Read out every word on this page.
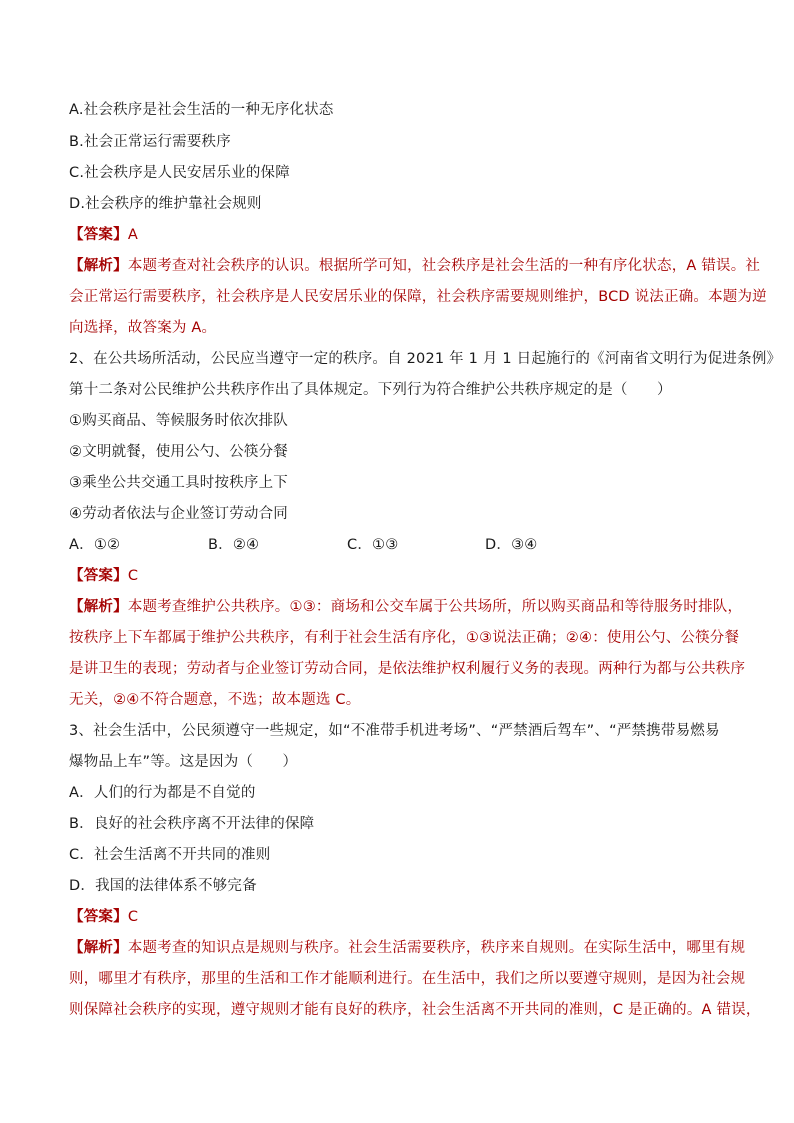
A.社会秩序是社会生活的一种无序化状态
B.社会正常运行需要秩序
C.社会秩序是人民安居乐业的保障
D.社会秩序的维护靠社会规则
【答案】A
【解析】本题考查对社会秩序的认识。根据所学可知，社会秩序是社会生活的一种有序化状态，A 错误。社
会正常运行需要秩序，社会秩序是人民安居乐业的保障，社会秩序需要规则维护，BCD 说法正确。本题为逆
向选择，故答案为 A。
2、在公共场所活动，公民应当遵守一定的秩序。自 2021 年 1 月 1 日起施行的《河南省文明行为促进条例》
第十二条对公民维护公共秩序作出了具体规定。下列行为符合维护公共秩序规定的是（　　）
①购买商品、等候服务时依次排队
②文明就餐，使用公勺、公筷分餐
③乘坐公共交通工具时按秩序上下
④劳动者依法与企业签订劳动合同
A．①②	B．②④	C．①③	D．③④
【答案】C
【解析】本题考查维护公共秩序。①③：商场和公交车属于公共场所，所以购买商品和等待服务时排队，
按秩序上下车都属于维护公共秩序，有利于社会生活有序化，①③说法正确；②④：使用公勺、公筷分餐
是讲卫生的表现；劳动者与企业签订劳动合同，是依法维护权利履行义务的表现。两种行为都与公共秩序
无关，②④不符合题意，不选；故本题选 C。
3、社会生活中，公民须遵守一些规定，如“不准带手机进考场”、“严禁酒后驾车”、“严禁携带易燃易
爆物品上车”等。这是因为（　　）
A．人们的行为都是不自觉的
B．良好的社会秩序离不开法律的保障
C．社会生活离不开共同的准则
D．我国的法律体系不够完备
【答案】C
【解析】本题考查的知识点是规则与秩序。社会生活需要秩序，秩序来自规则。在实际生活中，哪里有规
则，哪里才有秩序，那里的生活和工作才能顺利进行。在生活中，我们之所以要遵守规则，是因为社会规
则保障社会秩序的实现，遵守规则才能有良好的秩序，社会生活离不开共同的准则，C 是正确的。A 错误，
